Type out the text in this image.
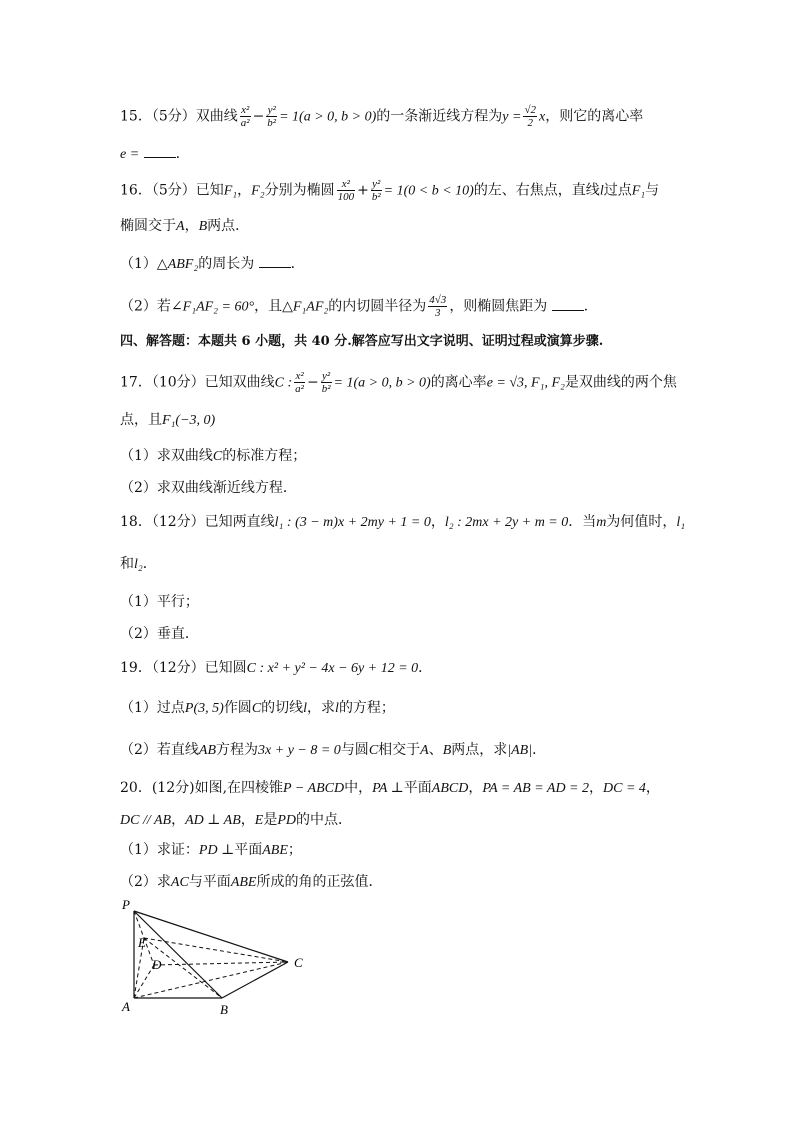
15．（5分）双曲线 $\frac{\text{x²}}{\text{a²}} - \frac{\text{y²}}{\text{b²}} = 1(a > 0$, b > 0)的一条渐近线方程为$y = \frac{√2}{2}$ x，则它的离心率
e =	.
16．（5分）已知F₁，F₂分别为椭圆 $\frac{\text{x²}}{100} + \frac{\text{y²}}{\text{b²}} = 1(0 < b < 10)$的左、右焦点，直线l过点F₁与
椭圆交于A，B两点．
（1）△ABF₂的周长为	．
（2）若∠F₁AF₂ = 60°，且△F₁AF₂的内切圆半径为 $\frac{4√3}{3}$ ，则椭圆焦距为	．
四、解答题：本题共 6 小题，共 40 分.解答应写出文字说明、证明过程或演算步骤.
17．（10分）已知双曲线C : $\frac{\text{x²}}{\text{a²}} - \frac{\text{y²}}{\text{b²}} = 1(a > 0$, b > 0)的离心率e = √3, F₁, F₂是双曲线的两个焦
点，且F₁(−3, 0)
（1）求双曲线C的标准方程；
（2）求双曲线渐近线方程．
18．（12分）已知两直线l₁ : (3 − m)x + 2my + 1 = 0，l₂ : 2mx + 2y + m = 0．当m为何值时，l₁
和l₂．
（1）平行；
（2）垂直．
19．（12分）已知圆C : x² + y² − 4x − 6y + 12 = 0．
（1）过点P(3, 5)作圆C的切线l，求l的方程；
（2）若直线AB方程为3x + y − 8 = 0与圆C相交于A、B两点，求|AB|．
20．(12分)如图,在四棱锥P − ABCD中，PA ⊥平面ABCD，PA = AB = AD = 2，DC = 4，
DC // AB，AD ⊥ AB，E是PD的中点．
（1）求证：PD ⊥平面ABE；
（2）求AC与平面ABE所成的角的正弦值．
P
E
D
A	B
C
